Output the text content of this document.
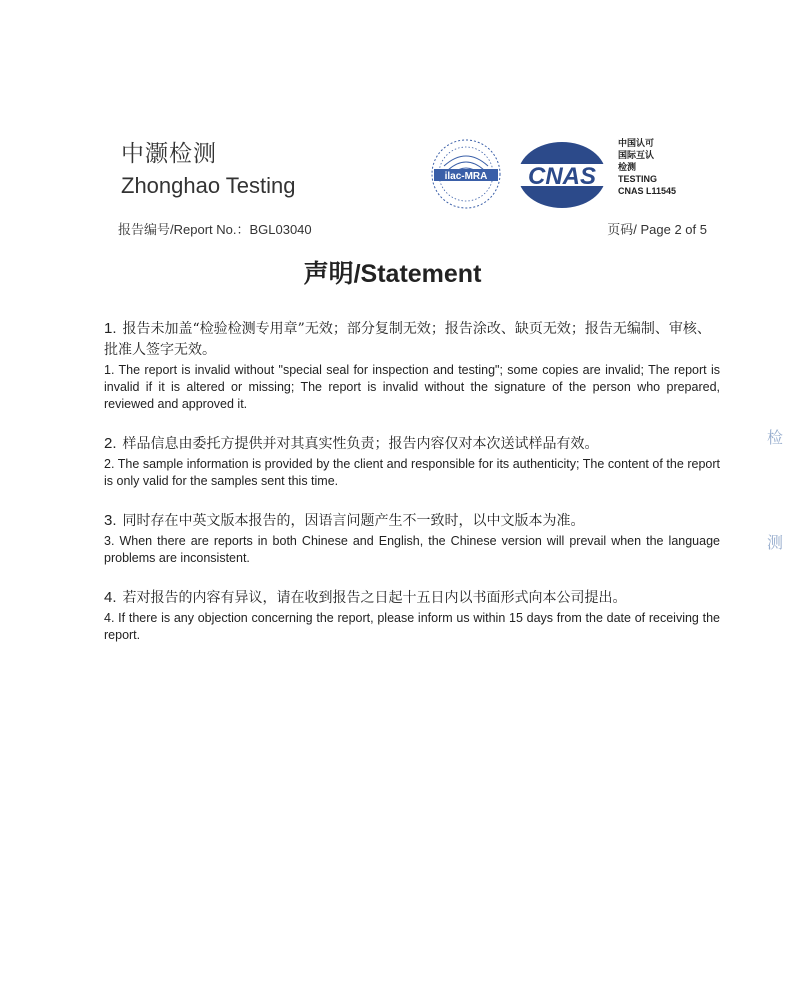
中灏检测
Zhonghao Testing	ilac-MRA CNAS
中国认可
国际互认
检测
TESTING
CNAS L11545
报告编号/Report No.：BGL03040	页码/ Page 2 of 5
声明/Statement
1. 报告未加盖“检验检测专用章”无效；部分复制无效；报告涂改、缺页无效；报告无编制、审核、批准人签字无效。
1. The report is invalid without "special seal for inspection and testing"; some copies are invalid; The report is invalid if it is altered or missing; The report is invalid without the signature of the person who prepared, reviewed and approved it.
2. 样品信息由委托方提供并对其真实性负责；报告内容仅对本次送试样品有效。
2. The sample information is provided by the client and responsible for its authenticity; The content of the report is only valid for the samples sent this time.
3. 同时存在中英文版本报告的，因语言问题产生不一致时，以中文版本为准。
3. When there are reports in both Chinese and English, the Chinese version will prevail when the language problems are inconsistent.
4. 若对报告的内容有异议，请在收到报告之日起十五日内以书面形式向本公司提出。
4. If there is any objection concerning the report, please inform us within 15 days from the date of receiving the report.
检
测
